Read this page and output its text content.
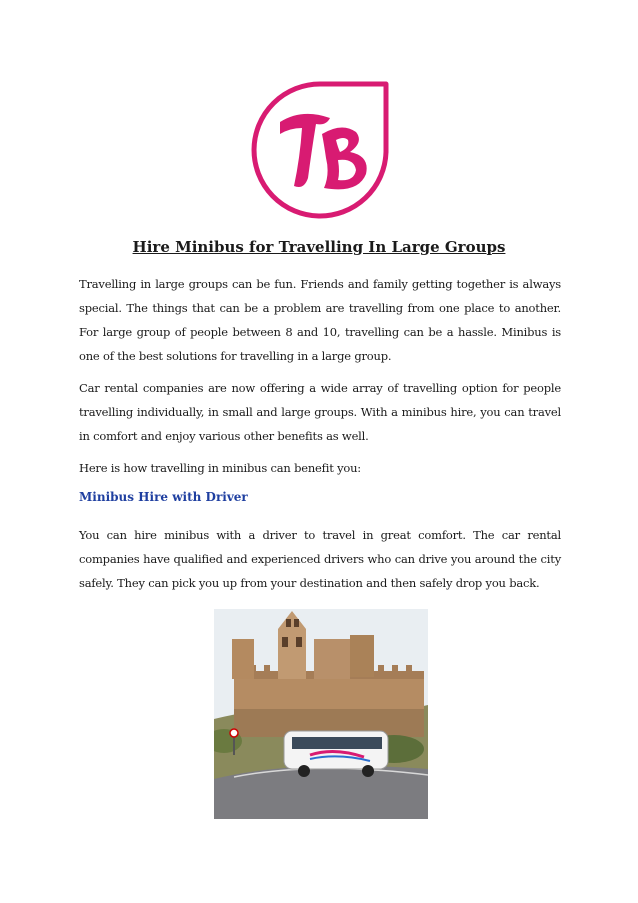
Hire Minibus for Travelling In Large Groups

Travelling in large groups can be fun. Friends and family getting together is always special. The things that can be a problem are travelling from one place to another. For large group of people between 8 and 10, travelling can be a hassle. Minibus is one of the best solutions for travelling in a large group.

Car rental companies are now offering a wide array of travelling option for people travelling individually, in small and large groups. With a minibus hire, you can travel in comfort and enjoy various other benefits as well.

Here is how travelling in minibus can benefit you:

Minibus Hire with Driver

You can hire minibus with a driver to travel in great comfort. The car rental companies have qualified and experienced drivers who can drive you around the city safely. They can pick you up from your destination and then safely drop you back.
